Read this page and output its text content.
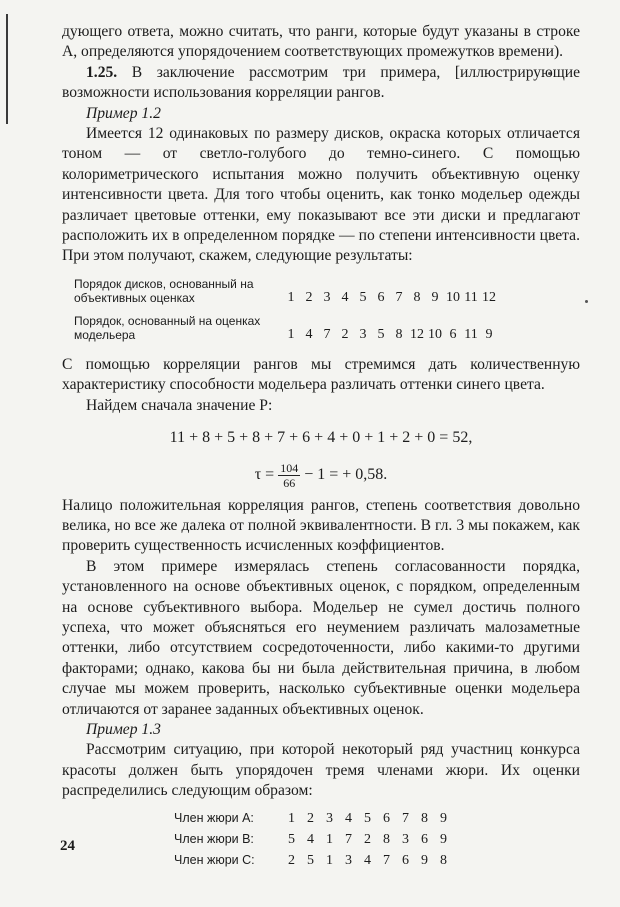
дующего ответа, можно считать, что ранги, которые будут указаны в строке А, определяются упорядочением соответствующих промежутков времени).

1.25. В заключение рассмотрим три примера, [иллюстрирующие возможности использования корреляции рангов.

Пример 1.2

Имеется 12 одинаковых по размеру дисков, окраска которых отличается тоном — от светло-голубого до темно-синего. С помощью колориметрического испытания можно получить объективную оценку интенсивности цвета. Для того чтобы оценить, как тонко модельер одежды различает цветовые оттенки, ему показывают все эти диски и предлагают расположить их в определенном порядке — по степени интенсивности цвета. При этом получают, скажем, следующие результаты:

Порядок дисков, основанный на объективных оценках	1	2	3	4	5	6	7	8	9	10	11	12
Порядок, основанный на оценках модельера	1	4	7	2	3	5	8	12	10	6	11	9

С помощью корреляции рангов мы стремимся дать количественную характеристику способности модельера различать оттенки синего цвета.

Найдем сначала значение P:

11 + 8 + 5 + 8 + 7 + 6 + 4 + 0 + 1 + 2 + 0 = 52,
$\tau = \frac{104}{66} - 1$ = + 0,58.

Налицо положительная корреляция рангов, степень соответствия довольно велика, но все же далека от полной эквивалентности. В гл. 3 мы покажем, как проверить существенность исчисленных коэффициентов.

В этом примере измерялась степень согласованности порядка, установленного на основе объективных оценок, с порядком, определенным на основе субъективного выбора. Модельер не сумел достичь полного успеха, что может объясняться его неумением различать малозаметные оттенки, либо отсутствием сосредоточенности, либо какими-то другими факторами; однако, какова бы ни была действительная причина, в любом случае мы можем проверить, насколько субъективные оценки модельера отличаются от заранее заданных объективных оценок.

Пример 1.3

Рассмотрим ситуацию, при которой некоторый ряд участниц конкурса красоты должен быть упорядочен тремя членами жюри. Их оценки распределились следующим образом:

Член жюри A:	1	2	3	4	5	6	7	8	9
Член жюри B:	5	4	1	7	2	8	3	6	9
Член жюри C:	2	5	1	3	4	7	6	9	8
24
